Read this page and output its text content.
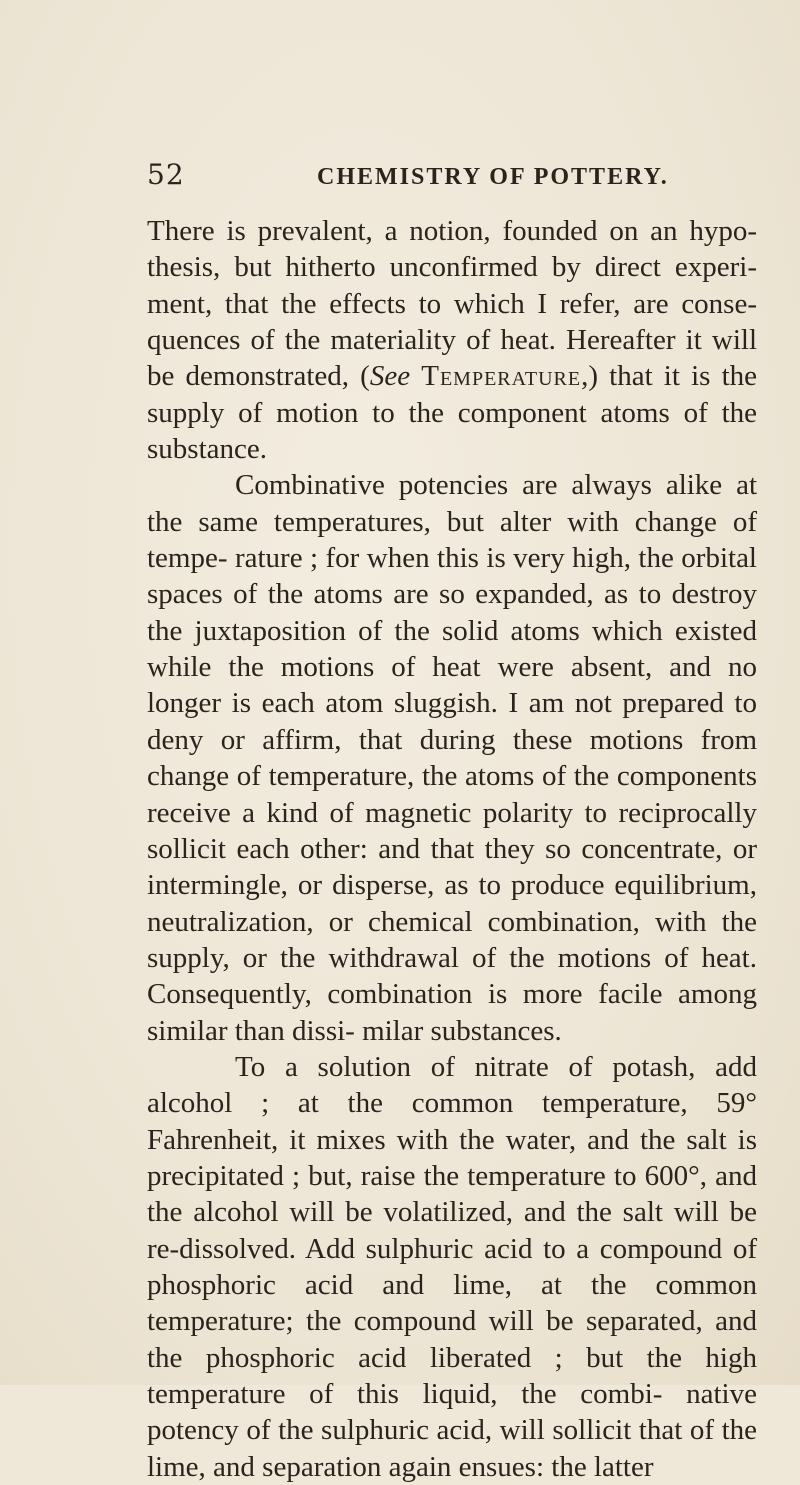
52	CHEMISTRY OF POTTERY.

There is prevalent, a notion, founded on an hypo- thesis, but hitherto unconfirmed by direct experi- ment, that the effects to which I refer, are conse- quences of the materiality of heat. Hereafter it will be demonstrated, (See Temperature,) that it is the supply of motion to the component atoms of the substance.

Combinative potencies are always alike at the same temperatures, but alter with change of tempe- rature ; for when this is very high, the orbital spaces of the atoms are so expanded, as to destroy the juxtaposition of the solid atoms which existed while the motions of heat were absent, and no longer is each atom sluggish. I am not prepared to deny or affirm, that during these motions from change of temperature, the atoms of the components receive a kind of magnetic polarity to reciprocally sollicit each other: and that they so concentrate, or intermingle, or disperse, as to produce equilibrium, neutralization, or chemical combination, with the supply, or the withdrawal of the motions of heat. Consequently, combination is more facile among similar than dissi- milar substances.

To a solution of nitrate of potash, add alcohol ; at the common temperature, 59° Fahrenheit, it mixes with the water, and the salt is precipitated ; but, raise the temperature to 600°, and the alcohol will be volatilized, and the salt will be re-dissolved. Add sulphuric acid to a compound of phosphoric acid and lime, at the common temperature; the compound will be separated, and the phosphoric acid liberated ; but the high temperature of this liquid, the combi- native potency of the sulphuric acid, will sollicit that of the lime, and separation again ensues: the latter
